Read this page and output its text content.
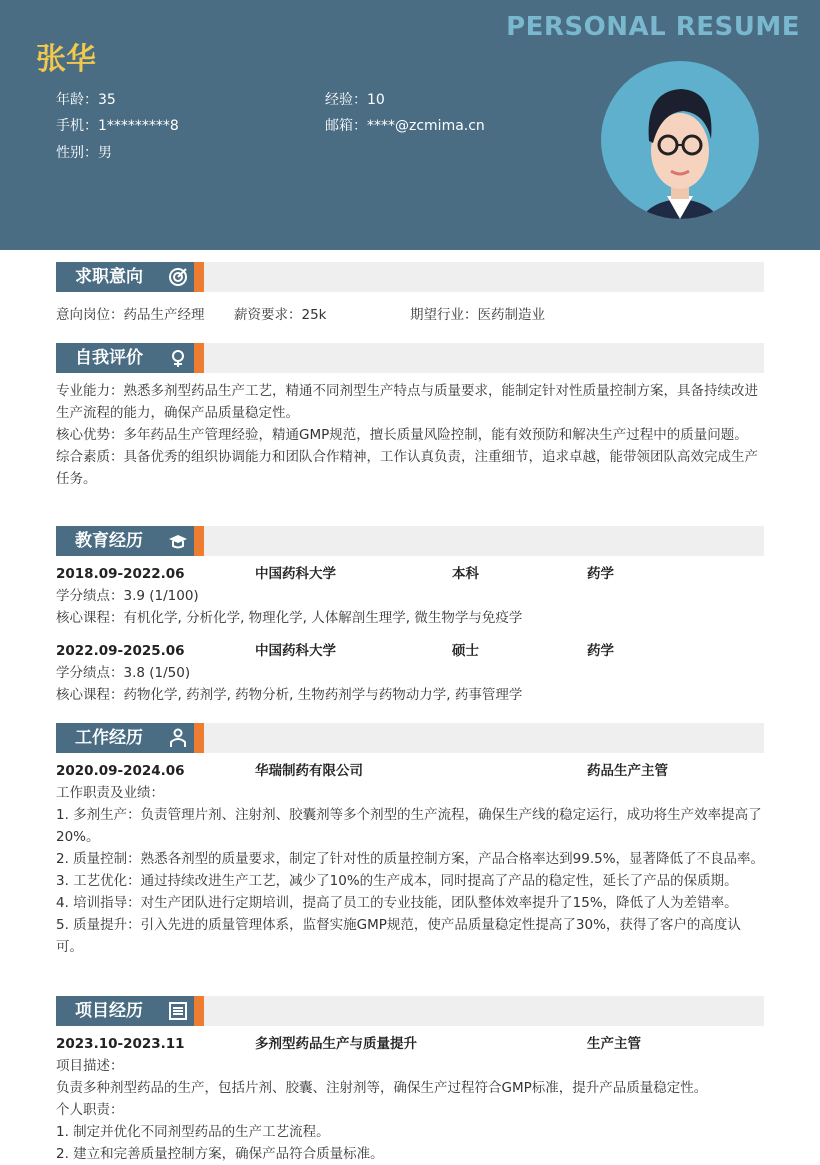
PERSONAL RESUME
张华
年龄：35	经验：10
手机：1*********8	邮箱：****@zcmima.cn
性别：男
求职意向
意向岗位：药品生产经理 薪资要求：25k	期望行业：医药制造业
自我评价
专业能力：熟悉多剂型药品生产工艺，精通不同剂型生产特点与质量要求，能制定针对性质量控制方案，具备持续改进生产流程的能力，确保产品质量稳定性。
核心优势：多年药品生产管理经验，精通GMP规范，擅长质量风险控制，能有效预防和解决生产过程中的质量问题。
综合素质：具备优秀的组织协调能力和团队合作精神，工作认真负责，注重细节，追求卓越，能带领团队高效完成生产任务。
教育经历
2018.09-2022.06	中国药科大学	本科	药学
学分绩点：3.9 (1/100)
核心课程：有机化学, 分析化学, 物理化学, 人体解剖生理学, 微生物学与免疫学
2022.09-2025.06	中国药科大学	硕士	药学
学分绩点：3.8 (1/50)
核心课程：药物化学, 药剂学, 药物分析, 生物药剂学与药物动力学, 药事管理学
工作经历
2020.09-2024.06	华瑞制药有限公司	药品生产主管
工作职责及业绩：
1. 多剂生产：负责管理片剂、注射剂、胶囊剂等多个剂型的生产流程，确保生产线的稳定运行，成功将生产效率提高了20%。
2. 质量控制：熟悉各剂型的质量要求，制定了针对性的质量控制方案，产品合格率达到99.5%，显著降低了不良品率。
3. 工艺优化：通过持续改进生产工艺，减少了10%的生产成本，同时提高了产品的稳定性，延长了产品的保质期。
4. 培训指导：对生产团队进行定期培训，提高了员工的专业技能，团队整体效率提升了15%，降低了人为差错率。
5. 质量提升：引入先进的质量管理体系，监督实施GMP规范，使产品质量稳定性提高了30%，获得了客户的高度认可。
项目经历
2023.10-2023.11	多剂型药品生产与质量提升	生产主管
项目描述：
负责多种剂型药品的生产，包括片剂、胶囊、注射剂等，确保生产过程符合GMP标准，提升产品质量稳定性。
个人职责：
1. 制定并优化不同剂型药品的生产工艺流程。
2. 建立和完善质量控制方案，确保产品符合质量标准。
